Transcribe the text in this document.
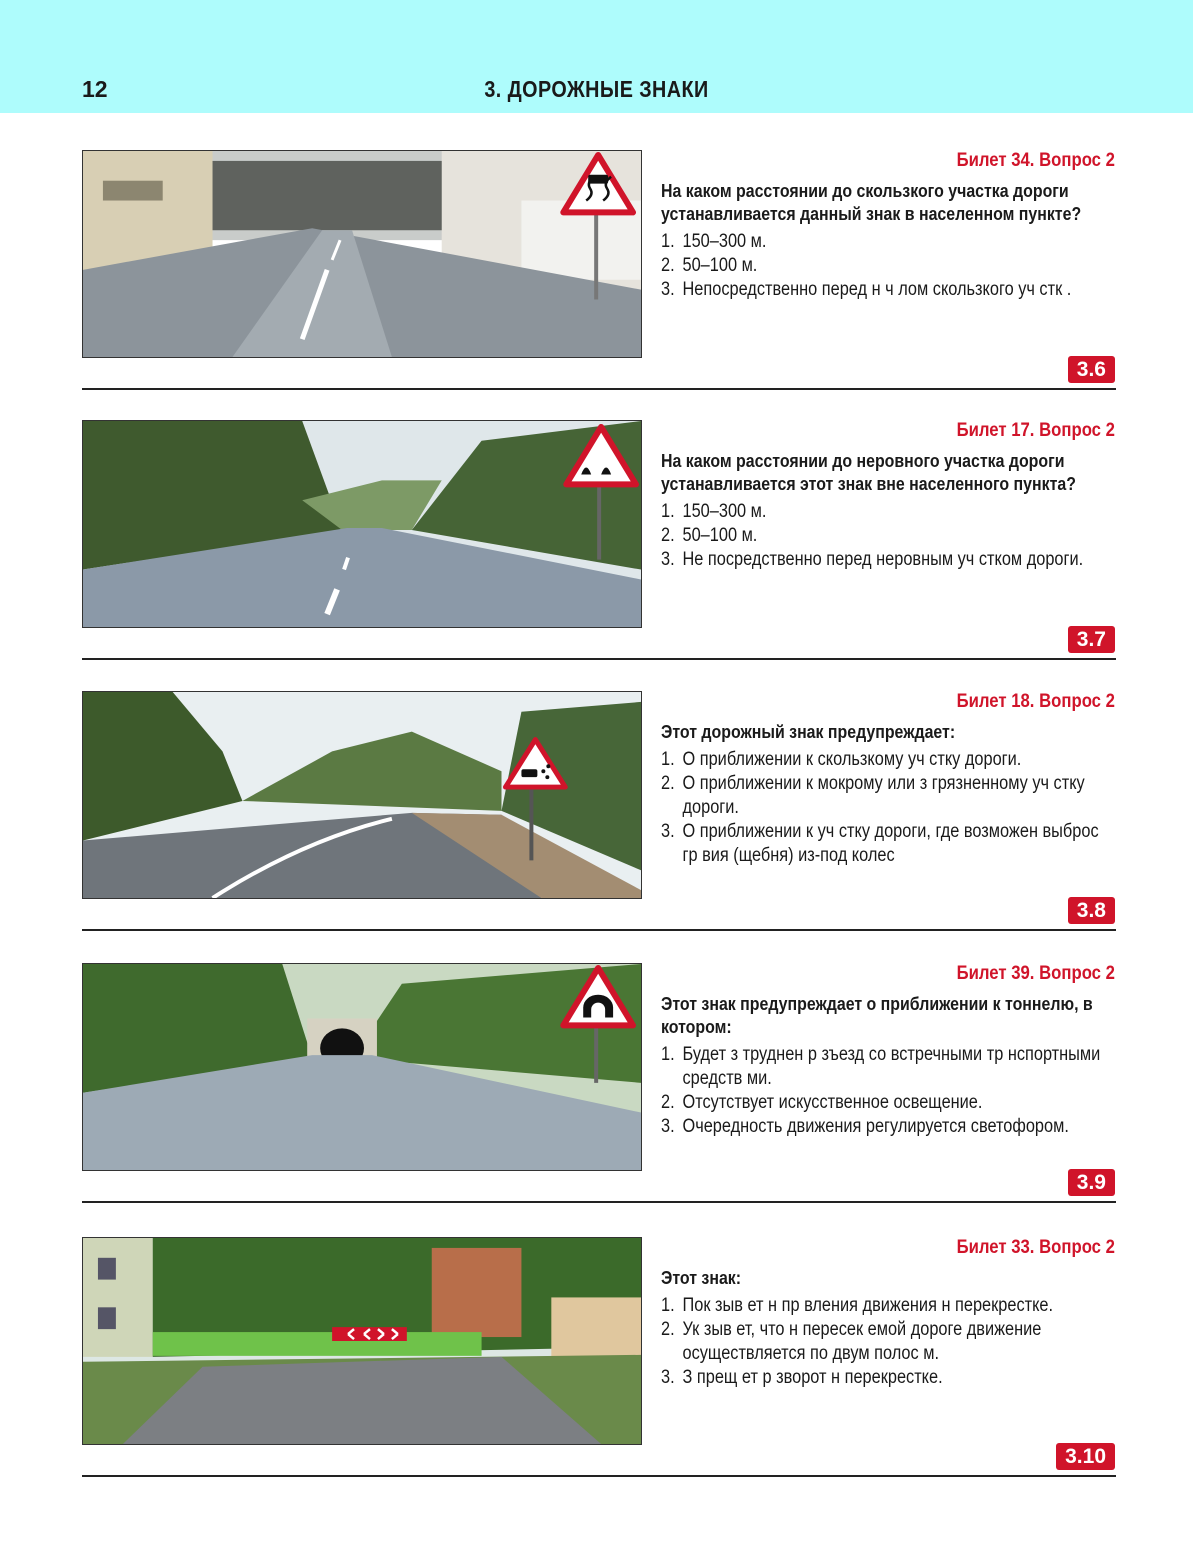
12	3. ДОРОЖНЫЕ ЗНАКИ
Билет 34. Вопрос 2

На каком расстоянии до скользкого участка дороги устанавливается данный знак в населенном пункте?

1. 150–300 м.
2. 50–100 м.
3. Непосредственно перед н ч лом скользкого уч стк .
3.6
Билет 17. Вопрос 2

На каком расстоянии до неровного участка дороги устанавливается этот знак вне населенного пункта?

1. 150–300 м.
2. 50–100 м.
3. Не посредственно перед неровным уч стком дороги.
3.7
Билет 18. Вопрос 2

Этот дорожный знак предупреждает:

1. О приближении к скользкому уч стку дороги.
2. О приближении к мокрому или з грязненному уч стку дороги.
3. О приближении к уч стку дороги, где возможен выброс гр вия (щебня) из-под колес
3.8
Билет 39. Вопрос 2

Этот знак предупреждает о приближении к тоннелю, в котором:

1. Будет з труднен р зъезд со встречными тр нспортными средств ми.
2. Отсутствует искусственное освещение.
3. Очередность движения регулируется светофором.
3.9
Билет 33. Вопрос 2

Этот знак:

1. Пок зыв ет н пр вления движения н перекрестке.
2. Ук зыв ет, что н пересек емой дороге движение осуществляется по двум полос м.
3. З прещ ет р зворот н перекрестке.
3.10
